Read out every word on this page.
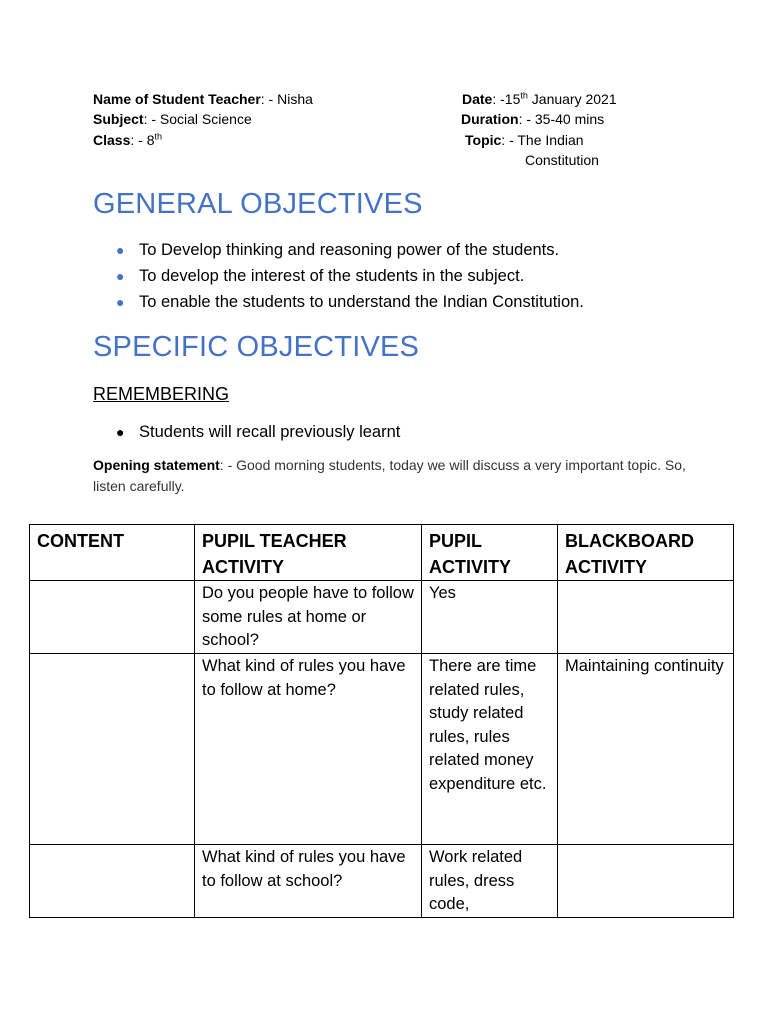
Name of Student Teacher: - Nisha
Subject: - Social Science
Class: - 8th
Date: -15th January 2021
Duration: - 35-40 mins
Topic: - The Indian
Constitution
GENERAL OBJECTIVES
● To Develop thinking and reasoning power of the students.
● To develop the interest of the students in the subject.
● To enable the students to understand the Indian Constitution.
SPECIFIC OBJECTIVES
REMEMBERING
● Students will recall previously learnt
Opening statement: - Good morning students, today we will discuss a very important topic. So, listen carefully.
CONTENT	PUPIL TEACHER ACTIVITY	PUPIL ACTIVITY	BLACKBOARD ACTIVITY
	Do you people have to follow some rules at home or school?	Yes	
	What kind of rules you have to follow at home?	There are time related rules, study related rules, rules related money expenditure etc.	Maintaining continuity
	What kind of rules you have to follow at school?	Work related rules, dress code,	
